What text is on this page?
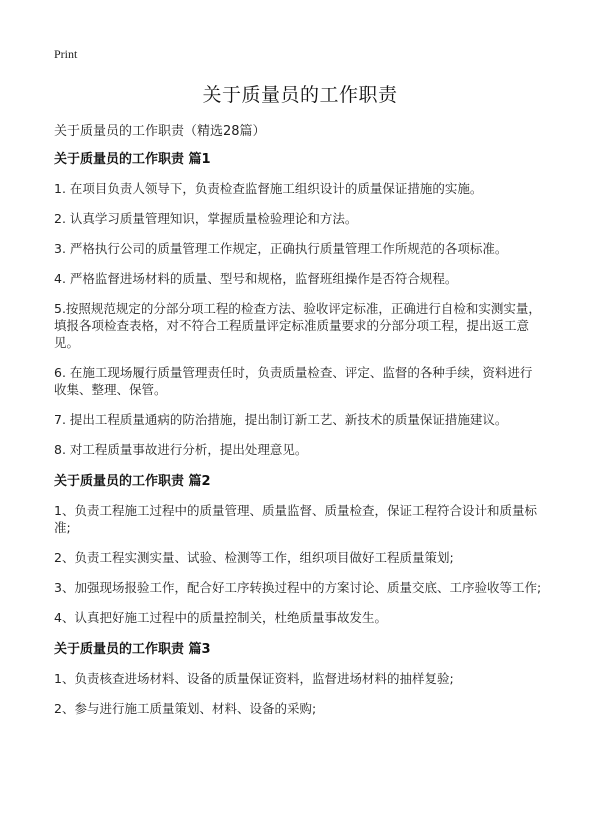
Print
关于质量员的工作职责
关于质量员的工作职责（精选28篇）
关于质量员的工作职责 篇1

1. 在项目负责人领导下，负责检查监督施工组织设计的质量保证措施的实施。

2. 认真学习质量管理知识，掌握质量检验理论和方法。

3. 严格执行公司的质量管理工作规定，正确执行质量管理工作所规范的各项标准。

4. 严格监督进场材料的质量、型号和规格，监督班组操作是否符合规程。

5.按照规范规定的分部分项工程的检查方法、验收评定标准，正确进行自检和实测实量，填报各项检查表格，对不符合工程质量评定标准质量要求的分部分项工程，提出返工意见。

6. 在施工现场履行质量管理责任时，负责质量检查、评定、监督的各种手续，资料进行收集、整理、保管。

7. 提出工程质量通病的防治措施，提出制订新工艺、新技术的质量保证措施建议。

8. 对工程质量事故进行分析，提出处理意见。

关于质量员的工作职责 篇2

1、负责工程施工过程中的质量管理、质量监督、质量检查，保证工程符合设计和质量标准;

2、负责工程实测实量、试验、检测等工作，组织项目做好工程质量策划;

3、加强现场报验工作，配合好工序转换过程中的方案讨论、质量交底、工序验收等工作;

4、认真把好施工过程中的质量控制关，杜绝质量事故发生。

关于质量员的工作职责 篇3

1、负责核查进场材料、设备的质量保证资料，监督进场材料的抽样复验;

2、参与进行施工质量策划、材料、设备的采购;
